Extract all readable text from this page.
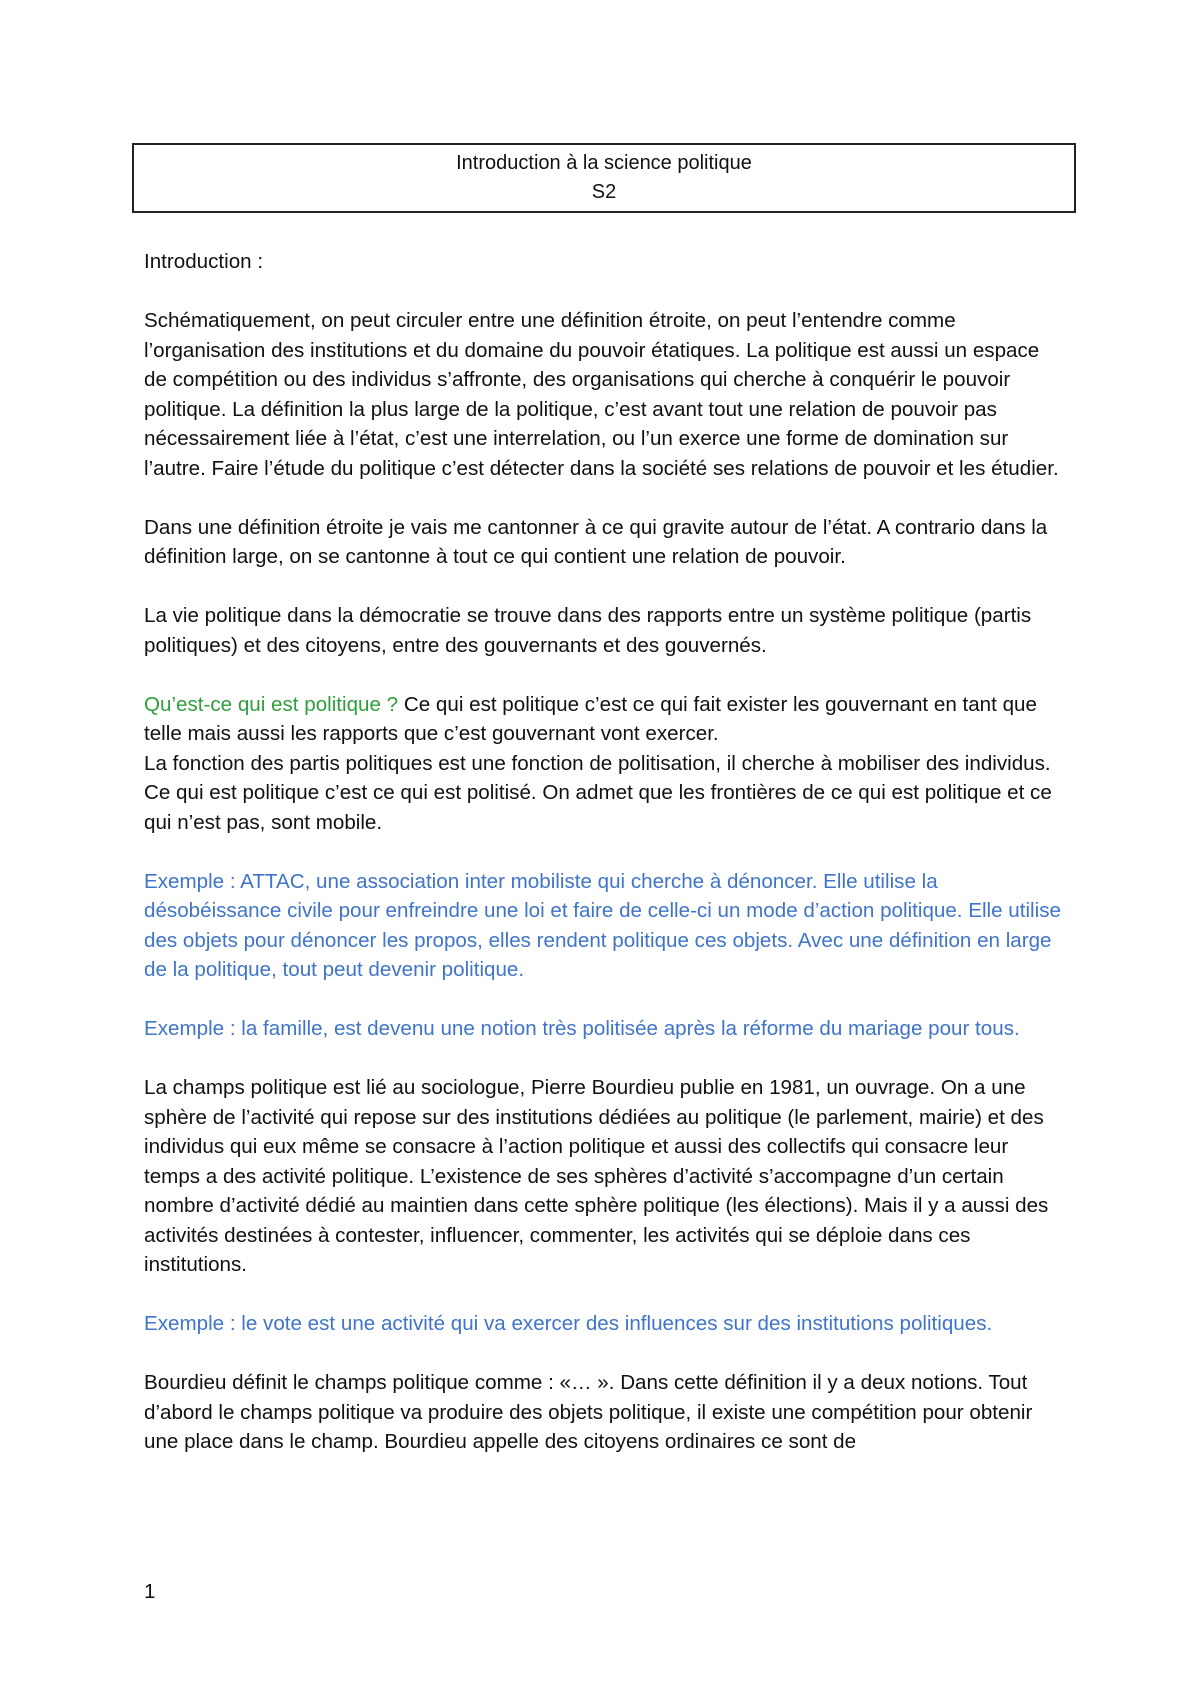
Introduction à la science politique
S2

Introduction :

Schématiquement, on peut circuler entre une définition étroite, on peut l’entendre comme l’organisation des institutions et du domaine du pouvoir étatiques. La politique est aussi un espace de compétition ou des individus s’affronte, des organisations qui cherche à conquérir le pouvoir politique. La définition la plus large de la politique, c’est avant tout une relation de pouvoir pas nécessairement liée à l’état, c’est une interrelation, ou l’un exerce une forme de domination sur l’autre. Faire l’étude du politique c’est détecter dans la société ses relations de pouvoir et les étudier.

Dans une définition étroite je vais me cantonner à ce qui gravite autour de l’état. A contrario dans la définition large, on se cantonne à tout ce qui contient une relation de pouvoir.

La vie politique dans la démocratie se trouve dans des rapports entre un système politique (partis politiques) et des citoyens, entre des gouvernants et des gouvernés.

Qu’est-ce qui est politique ? Ce qui est politique c’est ce qui fait exister les gouvernant en tant que telle mais aussi les rapports que c’est gouvernant vont exercer.

La fonction des partis politiques est une fonction de politisation, il cherche à mobiliser des individus. Ce qui est politique c’est ce qui est politisé. On admet que les frontières de ce qui est politique et ce qui n’est pas, sont mobile.

Exemple : ATTAC, une association inter mobiliste qui cherche à dénoncer. Elle utilise la désobéissance civile pour enfreindre une loi et faire de celle-ci un mode d’action politique. Elle utilise des objets pour dénoncer les propos, elles rendent politique ces objets. Avec une définition en large de la politique, tout peut devenir politique.

Exemple : la famille, est devenu une notion très politisée après la réforme du mariage pour tous.

La champs politique est lié au sociologue, Pierre Bourdieu publie en 1981, un ouvrage. On a une sphère de l’activité qui repose sur des institutions dédiées au politique (le parlement, mairie) et des individus qui eux même se consacre à l’action politique et aussi des collectifs qui consacre leur temps a des activité politique. L’existence de ses sphères d’activité s’accompagne d’un certain nombre d’activité dédié au maintien dans cette sphère politique (les élections). Mais il y a aussi des activités destinées à contester, influencer, commenter, les activités qui se déploie dans ces institutions.

Exemple : le vote est une activité qui va exercer des influences sur des institutions politiques.

Bourdieu définit le champs politique comme : «… ». Dans cette définition il y a deux notions. Tout d’abord le champs politique va produire des objets politique, il existe une compétition pour obtenir une place dans le champ. Bourdieu appelle des citoyens ordinaires ce sont de

1
